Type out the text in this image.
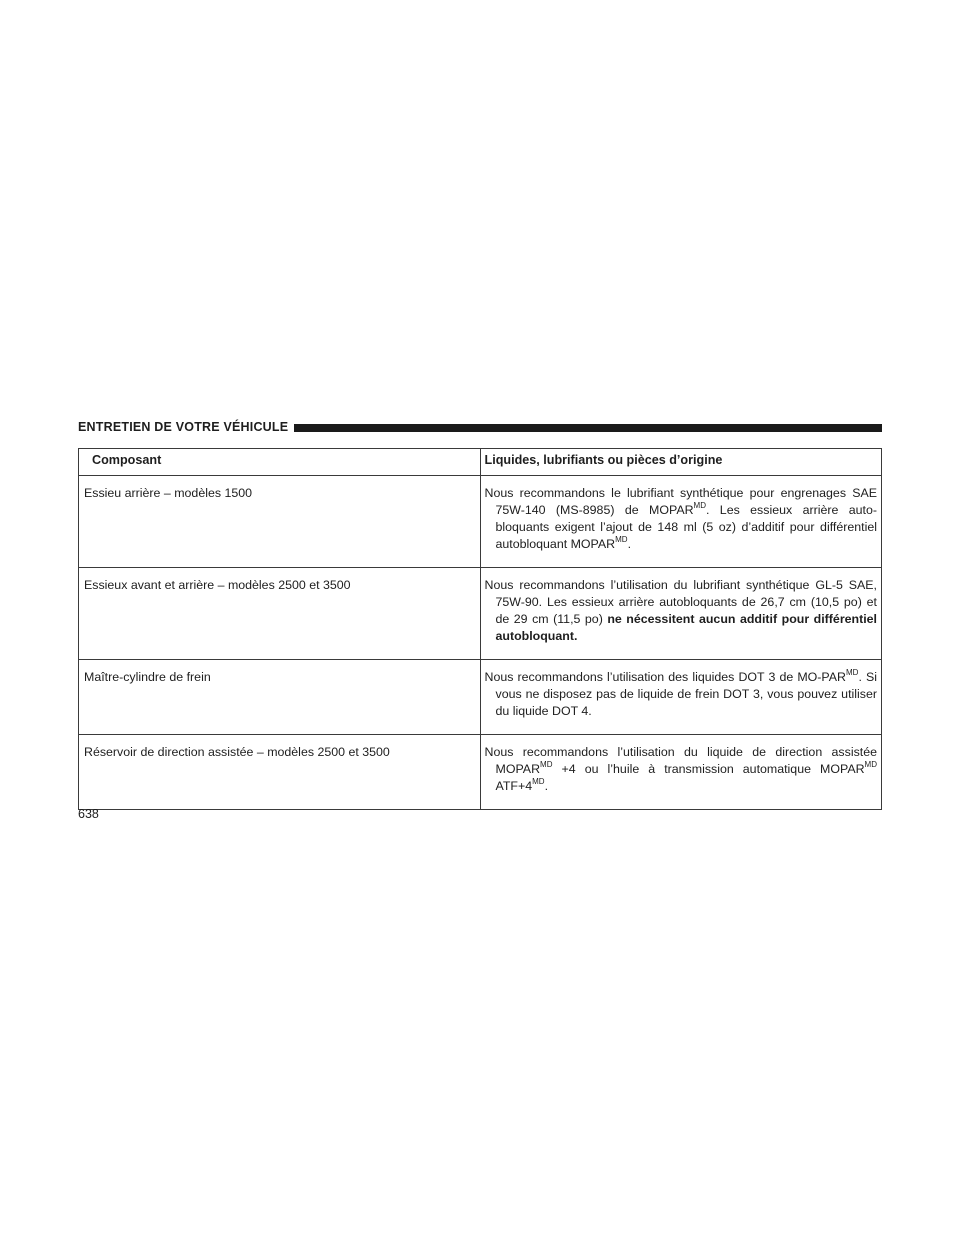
ENTRETIEN DE VOTRE VÉHICULE
Composant	Liquides, lubrifiants ou pièces d’origine
Essieu arrière – modèles 1500	Nous recommandons le lubrifiant synthétique pour engrenages SAE 75W-140 (MS-8985) de $MOPAR^{MD}$. Les essieux arrière auto-bloquants exigent l’ajout de 148 ml (5 oz) d’additif pour différentiel autobloquant $MOPAR^{MD}$.
Essieux avant et arrière – modèles 2500 et 3500	Nous recommandons l’utilisation du lubrifiant synthétique GL-5 SAE, 75W-90. Les essieux arrière autobloquants de 26,7 cm (10,5 po) et de 29 cm (11,5 po) ne nécessitent aucun additif pour différentiel autobloquant.
Maître-cylindre de frein	Nous recommandons l’utilisation des liquides DOT 3 de $MO-PAR^{MD}$. Si vous ne disposez pas de liquide de frein DOT 3, vous pouvez utiliser du liquide DOT 4.
Réservoir de direction assistée – modèles 2500 et 3500	Nous recommandons l’utilisation du liquide de direction assistée $MOPAR^{MD} +4$ ou l’huile à transmission automatique $MOPAR^{MD}$ $ATF+4^{MD}$.
638
